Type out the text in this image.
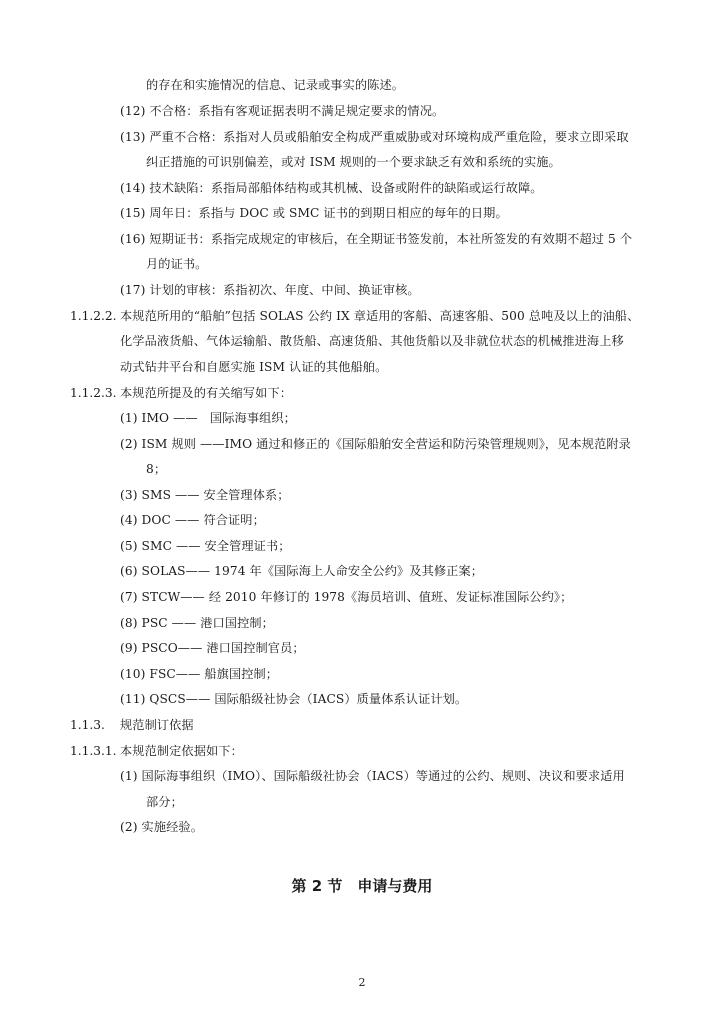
的存在和实施情况的信息、记录或事实的陈述。
(12) 不合格：系指有客观证据表明不满足规定要求的情况。
(13) 严重不合格：系指对人员或船舶安全构成严重威胁或对环境构成严重危险，要求立即采取
纠正措施的可识别偏差，或对 ISM 规则的一个要求缺乏有效和系统的实施。
(14) 技术缺陷：系指局部船体结构或其机械、设备或附件的缺陷或运行故障。
(15) 周年日：系指与 DOC 或 SMC 证书的到期日相应的每年的日期。
(16) 短期证书：系指完成规定的审核后，在全期证书签发前，本社所签发的有效期不超过 5 个
月的证书。
(17) 计划的审核：系指初次、年度、中间、换证审核。
1.1.2.2. 本规范所用的“船舶”包括 SOLAS 公约 IX 章适用的客船、高速客船、500 总吨及以上的油船、
化学品液货船、气体运输船、散货船、高速货船、其他货船以及非就位状态的机械推进海上移
动式钻井平台和自愿实施 ISM 认证的其他船舶。
1.1.2.3. 本规范所提及的有关缩写如下：
(1) IMO ——　国际海事组织；
(2) ISM 规则 ——IMO 通过和修正的《国际船舶安全营运和防污染管理规则》，见本规范附录
8；
(3) SMS —— 安全管理体系；
(4) DOC —— 符合证明；
(5) SMC —— 安全管理证书；
(6) SOLAS—— 1974 年《国际海上人命安全公约》及其修正案；
(7) STCW—— 经 2010 年修订的 1978《海员培训、值班、发证标准国际公约》；
(8) PSC —— 港口国控制；
(9) PSCO—— 港口国控制官员；
(10) FSC—— 船旗国控制；
(11) QSCS—— 国际船级社协会（IACS）质量体系认证计划。
1.1.3. 规范制订依据
1.1.3.1. 本规范制定依据如下：
(1) 国际海事组织（IMO）、国际船级社协会（IACS）等通过的公约、规则、决议和要求适用
部分；
(2) 实施经验。
第 2 节　申请与费用
2
